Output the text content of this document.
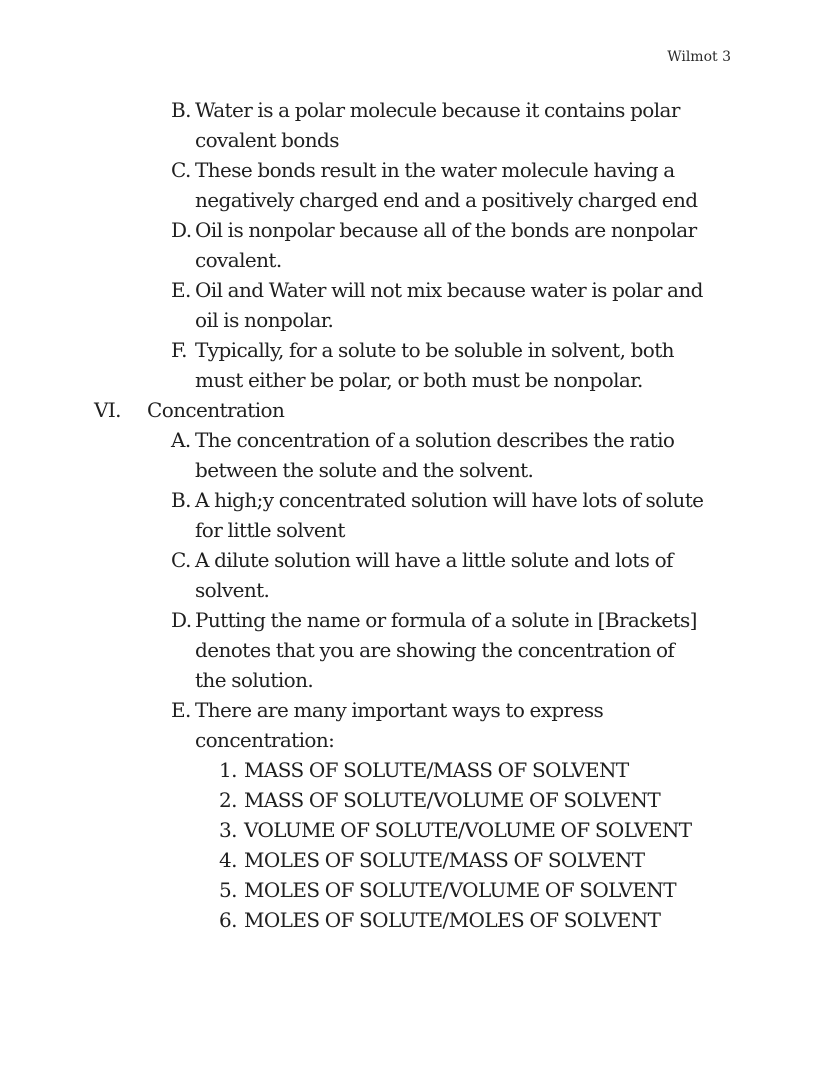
Wilmot 3
B. Water is a polar molecule because it contains polar
covalent bonds
C. These bonds result in the water molecule having a
negatively charged end and a positively charged end
D. Oil is nonpolar because all of the bonds are nonpolar
covalent.
E. Oil and Water will not mix because water is polar and
oil is nonpolar.
F. Typically, for a solute to be soluble in solvent, both
must either be polar, or both must be nonpolar.
VI. Concentration
A. The concentration of a solution describes the ratio
between the solute and the solvent.
B. A high;y concentrated solution will have lots of solute
for little solvent
C. A dilute solution will have a little solute and lots of
solvent.
D. Putting the name or formula of a solute in [Brackets]
denotes that you are showing the concentration of
the solution.
E. There are many important ways to express
concentration:
1. MASS OF SOLUTE/MASS OF SOLVENT
2. MASS OF SOLUTE/VOLUME OF SOLVENT
3. VOLUME OF SOLUTE/VOLUME OF SOLVENT
4. MOLES OF SOLUTE/MASS OF SOLVENT
5. MOLES OF SOLUTE/VOLUME OF SOLVENT
6. MOLES OF SOLUTE/MOLES OF SOLVENT
